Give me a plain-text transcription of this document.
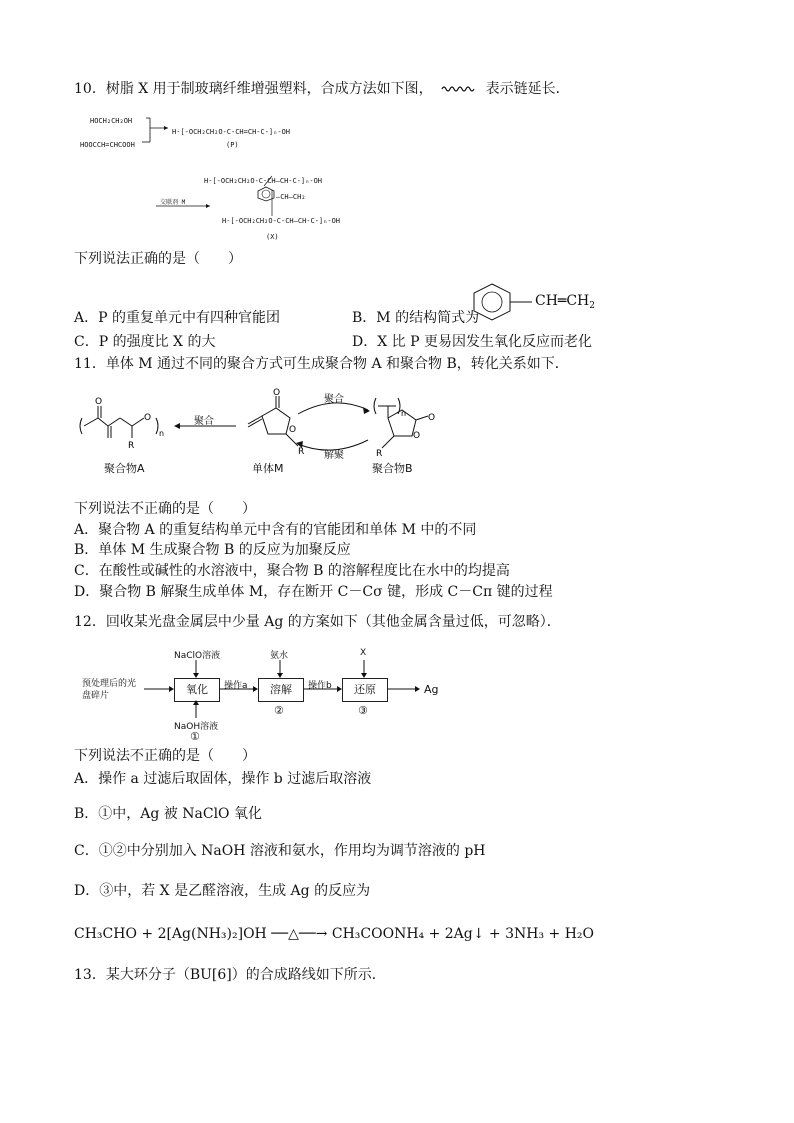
10．树脂 X 用于制玻璃纤维增强塑料，合成方法如下图，	表示链延长．
HOCH₂CH₂OH
HOOCCH=CHCOOH
H-[-OCH₂CH₂O-C-CH=CH-C-]ₙ-OH
(P)
H-[-OCH₂CH₂O-C-CH—CH-C-]ₙ-OH
—CH—CH₂
交联剂 M
H-[-OCH₂CH₂O-C-CH—CH-C-]ₙ-OH
(X)
下列说法正确的是（　　）
A．P 的重复单元中有四种官能团	B．M 的结构简式为
$CH═CH_2$
C．P 的强度比 X 的大	D．X 比 P 更易因发生氧化反应而老化
11．单体 M 通过不同的聚合方式可生成聚合物 A 和聚合物 B，转化关系如下．
O
R
O
n
O
O
R
n O
O
R
聚合物A	单体M	聚合物B
聚合
聚合
解聚
下列说法不正确的是（　　）
A．聚合物 A 的重复结构单元中含有的官能团和单体 M 中的不同
B．单体 M 生成聚合物 B 的反应为加聚反应
C．在酸性或碱性的水溶液中，聚合物 B 的溶解程度比在水中的均提高
D．聚合物 B 解聚生成单体 M，存在断开 C－Cσ 键，形成 C－Cπ 键的过程
12．回收某光盘金属层中少量 Ag 的方案如下（其他金属含量过低，可忽略）．
预处理后的光盘碎片	氧化	溶解	还原
NaClO溶液	氨水	X
NaOH溶液
操作a	操作b
①
②	③
Ag
下列说法不正确的是（　　）
A．操作 a 过滤后取固体，操作 b 过滤后取溶液
B．①中，Ag 被 NaClO 氧化
C．①②中分别加入 NaOH 溶液和氨水，作用均为调节溶液的 pH
D．③中，若 X 是乙醛溶液，生成 Ag 的反应为
CH₃CHO + 2[Ag(NH₃)₂]OH ──△──→ CH₃COONH₄ + 2Ag↓ + 3NH₃ + H₂O
13．某大环分子（BU[6]）的合成路线如下所示．
